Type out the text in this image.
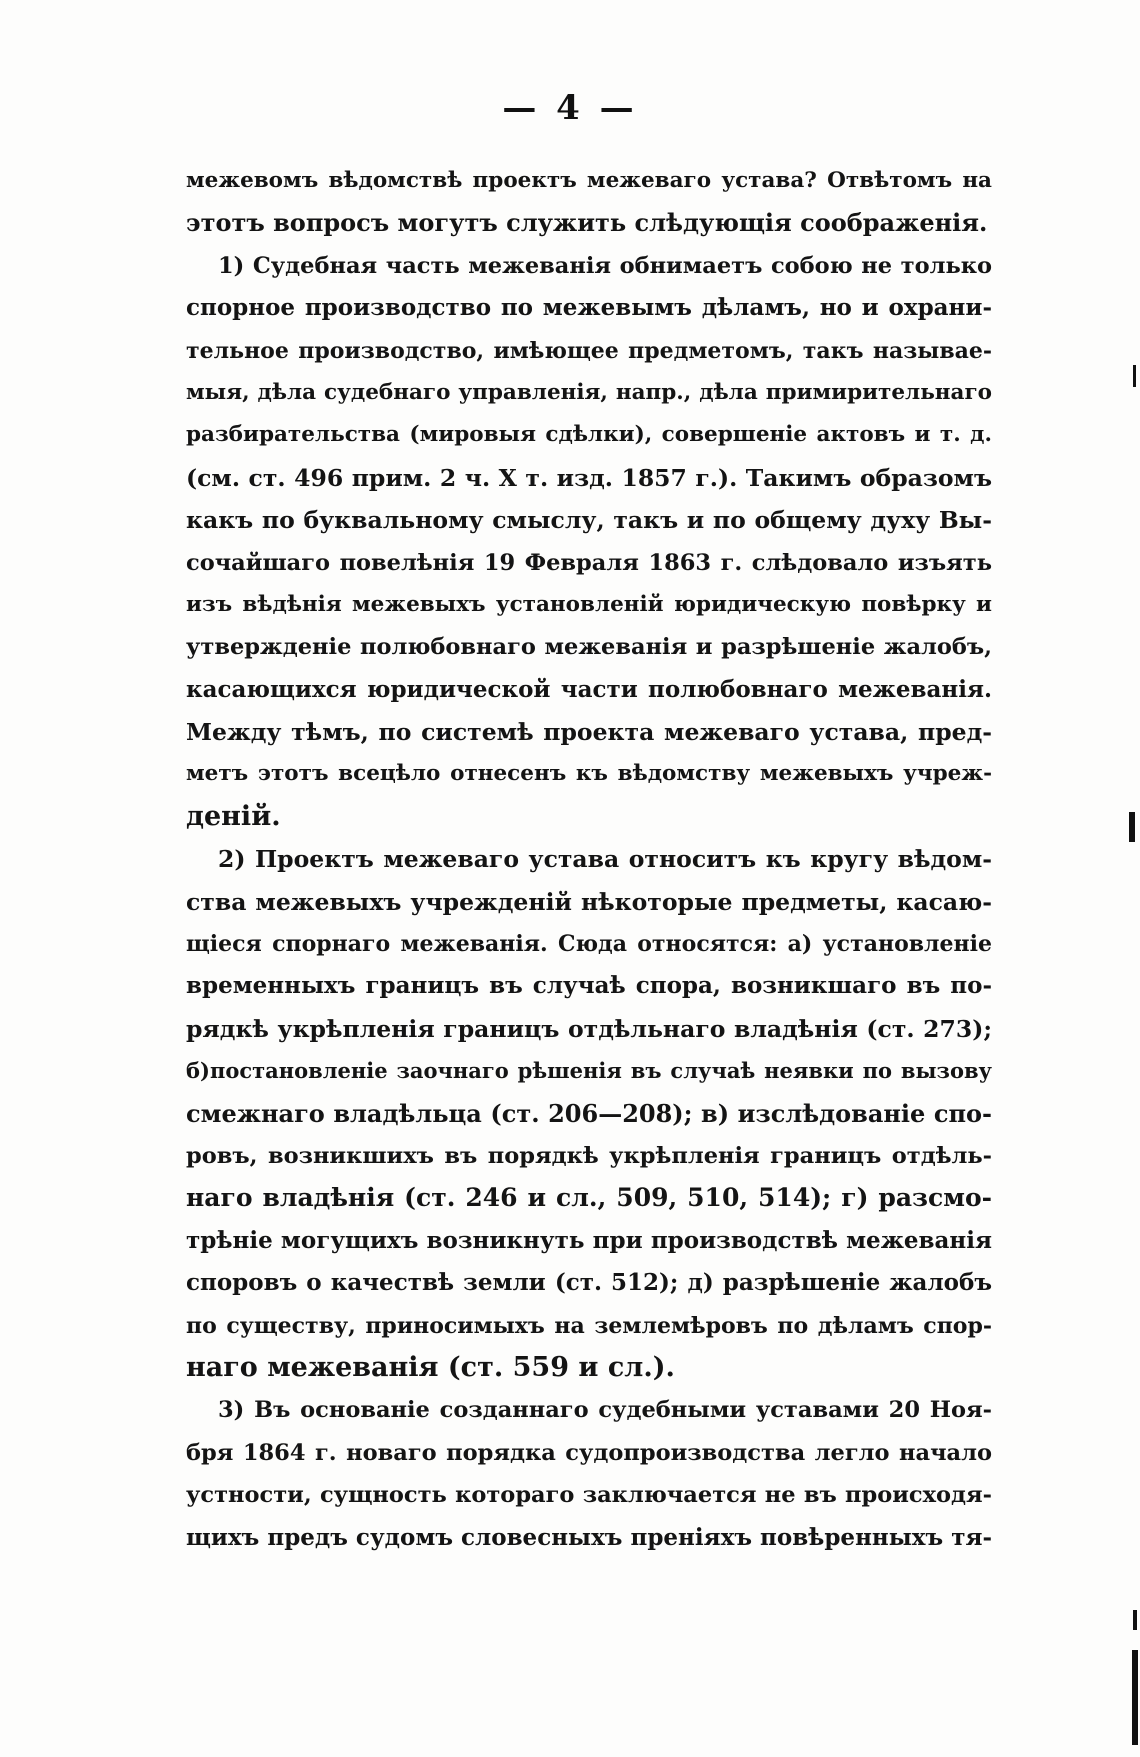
— 4 —
межевомъ вѣдомствѣ проектъ межеваго устава? Отвѣтомъ на
этотъ вопросъ могутъ служить слѣдующія соображенія.
1) Судебная часть межеванія обнимаетъ собою не только
спорное производство по межевымъ дѣламъ, но и охрани-
тельное производство, имѣющее предметомъ, такъ называе-
мыя, дѣла судебнаго управленія, напр., дѣла примирительнаго
разбирательства (мировыя сдѣлки), совершеніе актовъ и т. д.
(см. ст. 496 прим. 2 ч. X т. изд. 1857 г.). Такимъ образомъ
какъ по буквальному смыслу, такъ и по общему духу Вы-
сочайшаго повелѣнія 19 Февраля 1863 г. слѣдовало изъять
изъ вѣдѣнія межевыхъ установленій юридическую повѣрку и
утвержденіе полюбовнаго межеванія и разрѣшеніе жалобъ,
касающихся юридической части полюбовнаго межеванія.
Между тѣмъ, по системѣ проекта межеваго устава, пред-
метъ этотъ всецѣло отнесенъ къ вѣдомству межевыхъ учреж-
деній.
2) Проектъ межеваго устава относитъ къ кругу вѣдом-
ства межевыхъ учрежденій нѣкоторые предметы, касаю-
щіеся спорнаго межеванія. Сюда относятся: а) установленіе
временныхъ границъ въ случаѣ спора, возникшаго въ по-
рядкѣ укрѣпленія границъ отдѣльнаго владѣнія (ст. 273);
б)постановленіе заочнаго рѣшенія въ случаѣ неявки по вызову
смежнаго владѣльца (ст. 206—208); в) изслѣдованіе спо-
ровъ, возникшихъ въ порядкѣ укрѣпленія границъ отдѣль-
наго владѣнія (ст. 246 и сл., 509, 510, 514); г) разсмо-
трѣніе могущихъ возникнуть при производствѣ межеванія
споровъ о качествѣ земли (ст. 512); д) разрѣшеніе жалобъ
по существу, приносимыхъ на землемѣровъ по дѣламъ спор-
наго межеванія (ст. 559 и сл.).
3) Въ основаніе созданнаго судебными уставами 20 Ноя-
бря 1864 г. новаго порядка судопроизводства легло начало
устности, сущность котораго заключается не въ происходя-
щихъ предъ судомъ словесныхъ преніяхъ повѣренныхъ тя-
